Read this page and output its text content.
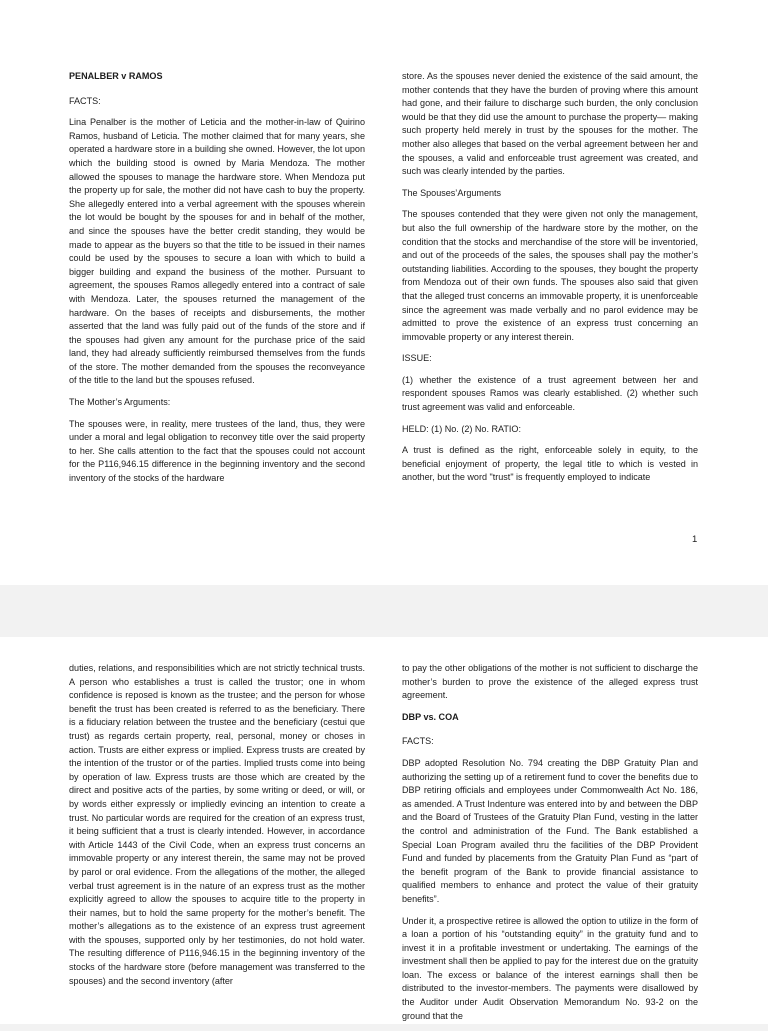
PENALBER v RAMOS

FACTS:

Lina Penalber is the mother of Leticia and the mother-in-law of Quirino Ramos, husband of Leticia. The mother claimed that for many years, she operated a hardware store in a building she owned. However, the lot upon which the building stood is owned by Maria Mendoza. The mother allowed the spouses to manage the hardware store. When Mendoza put the property up for sale, the mother did not have cash to buy the property. She allegedly entered into a verbal agreement with the spouses wherein the lot would be bought by the spouses for and in behalf of the mother, and since the spouses have the better credit standing, they would be made to appear as the buyers so that the title to be issued in their names could be used by the spouses to secure a loan with which to build a bigger building and expand the business of the mother. Pursuant to agreement, the spouses Ramos allegedly entered into a contract of sale with Mendoza. Later, the spouses returned the management of the hardware. On the bases of receipts and disbursements, the mother asserted that the land was fully paid out of the funds of the store and if the spouses had given any amount for the purchase price of the said land, they had already sufficiently reimbursed themselves from the funds of the store. The mother demanded from the spouses the reconveyance of the title to the land but the spouses refused.

The Mother’s Arguments:

The spouses were, in reality, mere trustees of the land, thus, they were under a moral and legal obligation to reconvey title over the said property to her. She calls attention to the fact that the spouses could not account for the P116,946.15 difference in the beginning inventory and the second inventory of the stocks of the hardware

store. As the spouses never denied the existence of the said amount, the mother contends that they have the burden of proving where this amount had gone, and their failure to discharge such burden, the only conclusion would be that they did use the amount to purchase the property— making such property held merely in trust by the spouses for the mother. The mother also alleges that based on the verbal agreement between her and the spouses, a valid and enforceable trust agreement was created, and such was clearly intended by the parties.

The Spouses’Arguments

The spouses contended that they were given not only the management, but also the full ownership of the hardware store by the mother, on the condition that the stocks and merchandise of the store will be inventoried, and out of the proceeds of the sales, the spouses shall pay the mother’s outstanding liabilities. According to the spouses, they bought the property from Mendoza out of their own funds. The spouses also said that given that the alleged trust concerns an immovable property, it is unenforceable since the agreement was made verbally and no parol evidence may be admitted to prove the existence of an express trust concerning an immovable property or any interest therein.

ISSUE:

(1) whether the existence of a trust agreement between her and respondent spouses Ramos was clearly established. (2) whether such trust agreement was valid and enforceable.

HELD: (1) No. (2) No. RATIO:

A trust is defined as the right, enforceable solely in equity, to the beneficial enjoyment of property, the legal title to which is vested in another, but the word "trust" is frequently employed to indicate

1

duties, relations, and responsibilities which are not strictly technical trusts. A person who establishes a trust is called the trustor; one in whom confidence is reposed is known as the trustee; and the person for whose benefit the trust has been created is referred to as the beneficiary. There is a fiduciary relation between the trustee and the beneficiary (cestui que trust) as regards certain property, real, personal, money or choses in action. Trusts are either express or implied. Express trusts are created by the intention of the trustor or of the parties. Implied trusts come into being by operation of law. Express trusts are those which are created by the direct and positive acts of the parties, by some writing or deed, or will, or by words either expressly or impliedly evincing an intention to create a trust. No particular words are required for the creation of an express trust, it being sufficient that a trust is clearly intended. However, in accordance with Article 1443 of the Civil Code, when an express trust concerns an immovable property or any interest therein, the same may not be proved by parol or oral evidence. From the allegations of the mother, the alleged verbal trust agreement is in the nature of an express trust as the mother explicitly agreed to allow the spouses to acquire title to the property in their names, but to hold the same property for the mother’s benefit. The mother’s allegations as to the existence of an express trust agreement with the spouses, supported only by her testimonies, do not hold water. The resulting difference of P116,946.15 in the beginning inventory of the stocks of the hardware store (before management was transferred to the spouses) and the second inventory (after

to pay the other obligations of the mother is not sufficient to discharge the mother’s burden to prove the existence of the alleged express trust agreement.

DBP vs. COA

FACTS:

DBP adopted Resolution No. 794 creating the DBP Gratuity Plan and authorizing the setting up of a retirement fund to cover the benefits due to DBP retiring officials and employees under Commonwealth Act No. 186, as amended. A Trust Indenture was entered into by and between the DBP and the Board of Trustees of the Gratuity Plan Fund, vesting in the latter the control and administration of the Fund. The Bank established a Special Loan Program availed thru the facilities of the DBP Provident Fund and funded by placements from the Gratuity Plan Fund as “part of the benefit program of the Bank to provide financial assistance to qualified members to enhance and protect the value of their gratuity benefits”.

Under it, a prospective retiree is allowed the option to utilize in the form of a loan a portion of his “outstanding equity” in the gratuity fund and to invest it in a profitable investment or undertaking. The earnings of the investment shall then be applied to pay for the interest due on the gratuity loan. The excess or balance of the interest earnings shall then be distributed to the investor-members. The payments were disallowed by the Auditor under Audit Observation Memorandum No. 93-2 on the ground that the
